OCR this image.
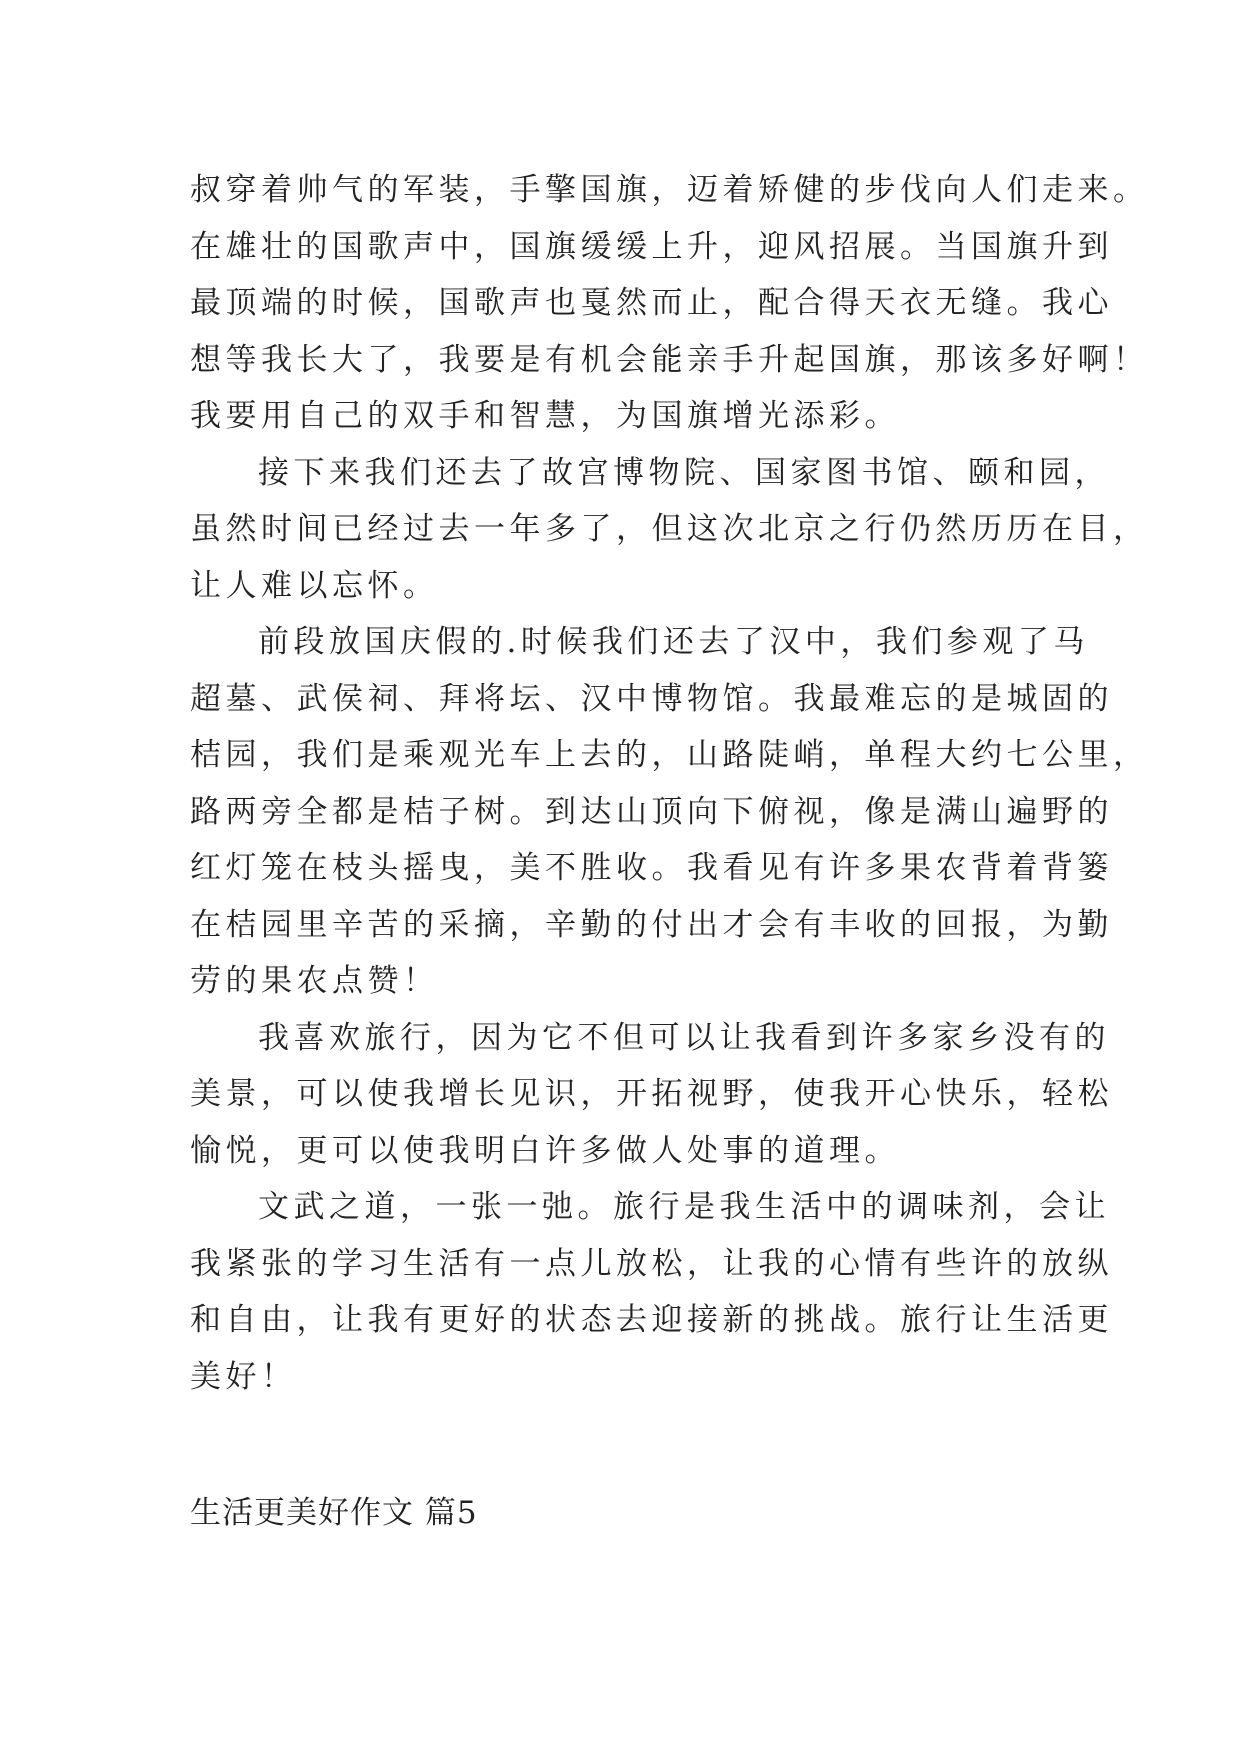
叔穿着帅气的军装，手擎国旗，迈着矫健的步伐向人们走来。
在雄壮的国歌声中，国旗缓缓上升，迎风招展。当国旗升到
最顶端的时候，国歌声也戛然而止，配合得天衣无缝。我心
想等我长大了，我要是有机会能亲手升起国旗，那该多好啊！
我要用自己的双手和智慧，为国旗增光添彩。
接下来我们还去了故宫博物院、国家图书馆、颐和园，
虽然时间已经过去一年多了，但这次北京之行仍然历历在目，
让人难以忘怀。
前段放国庆假的.时候我们还去了汉中，我们参观了马
超墓、武侯祠、拜将坛、汉中博物馆。我最难忘的是城固的
桔园，我们是乘观光车上去的，山路陡峭，单程大约七公里，
路两旁全都是桔子树。到达山顶向下俯视，像是满山遍野的
红灯笼在枝头摇曳，美不胜收。我看见有许多果农背着背篓
在桔园里辛苦的采摘，辛勤的付出才会有丰收的回报，为勤
劳的果农点赞！
我喜欢旅行，因为它不但可以让我看到许多家乡没有的
美景，可以使我增长见识，开拓视野，使我开心快乐，轻松
愉悦，更可以使我明白许多做人处事的道理。
文武之道，一张一弛。旅行是我生活中的调味剂，会让
我紧张的学习生活有一点儿放松，让我的心情有些许的放纵
和自由，让我有更好的状态去迎接新的挑战。旅行让生活更
美好！
生活更美好作文 篇5
